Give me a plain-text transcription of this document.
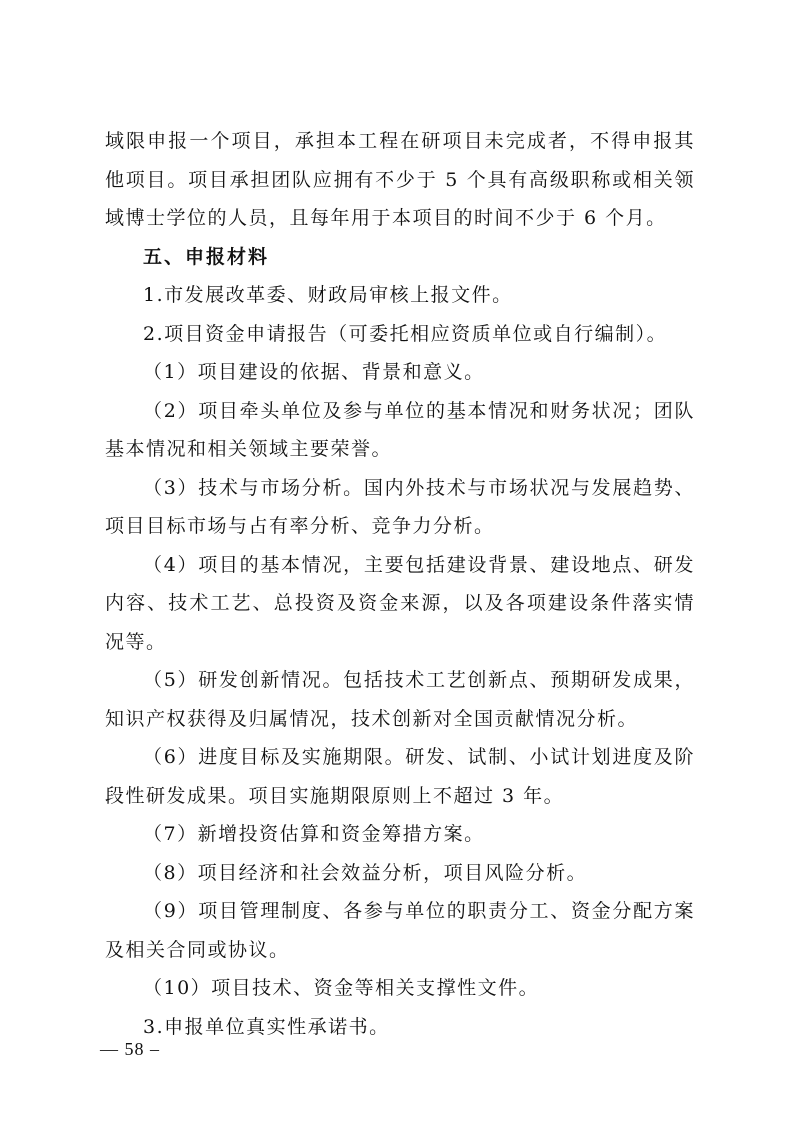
域限申报一个项目，承担本工程在研项目未完成者，不得申报其他项目。项目承担团队应拥有不少于 5 个具有高级职称或相关领域博士学位的人员，且每年用于本项目的时间不少于 6 个月。

五、申报材料

1.市发展改革委、财政局审核上报文件。

2.项目资金申请报告（可委托相应资质单位或自行编制）。

（1）项目建设的依据、背景和意义。

（2）项目牵头单位及参与单位的基本情况和财务状况；团队基本情况和相关领域主要荣誉。

（3）技术与市场分析。国内外技术与市场状况与发展趋势、项目目标市场与占有率分析、竞争力分析。

（4）项目的基本情况，主要包括建设背景、建设地点、研发内容、技术工艺、总投资及资金来源，以及各项建设条件落实情况等。

（5）研发创新情况。包括技术工艺创新点、预期研发成果，知识产权获得及归属情况，技术创新对全国贡献情况分析。

（6）进度目标及实施期限。研发、试制、小试计划进度及阶段性研发成果。项目实施期限原则上不超过 3 年。

（7）新增投资估算和资金筹措方案。

（8）项目经济和社会效益分析，项目风险分析。

（9）项目管理制度、各参与单位的职责分工、资金分配方案及相关合同或协议。

（10）项目技术、资金等相关支撑性文件。

3.申报单位真实性承诺书。

— 58 –
